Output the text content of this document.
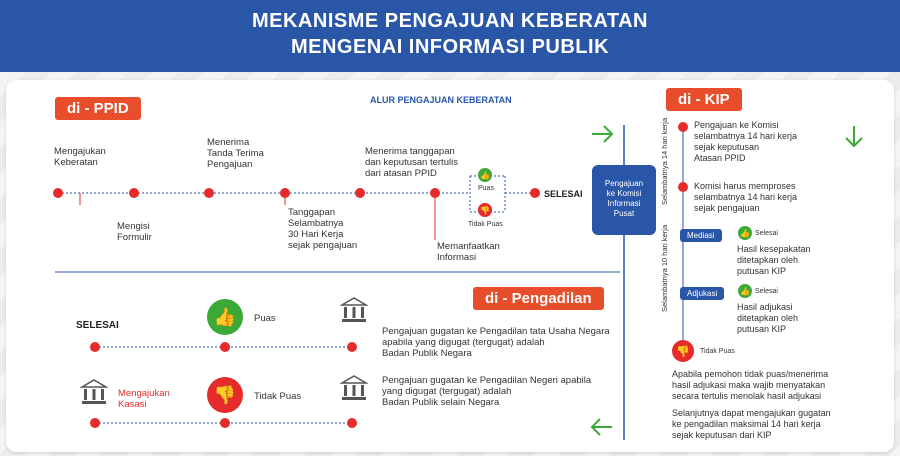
MEKANISME PENGAJUAN KEBERATAN
MENGENAI INFORMASI PUBLIK
di - PPID
di - KIP
di - Pengadilan
ALUR PENGAJUAN KEBERATAN
Mengajukan
Keberatan
Mengisi
Formulir
Menerima
Tanda Terima
Pengajuan
Tanggapan
Selambatnya
30 Hari Kerja
sejak pengajuan
Menerima tanggapan
dan keputusan tertulis
dari atasan PPID
Memanfaatkan
Informasi
👍
Puas
👎
Tidak Puas
SELESAI
Pengajuan
ke Komisi
Informasi
Pusat
Selambatnya 14 hari kerja
Selambatnya 10 hari kerja
Pengajuan ke Komisi
selambatnya 14 hari kerja
sejak keputusan
Atasan PPID
Komisi harus memproses
selambatnya 14 hari kerja
sejak pengajuan
Mediasi	👍 Selesai
Hasil kesepakatan
ditetapkan oleh
putusan KIP
Adjukasi	👍 Selesai
Hasil adjukasi
ditetapkan oleh
putusan KIP
👎	Tidak Puas
Apabila pemohon tidak puas/menerima
hasil adjukasi maka wajib menyatakan
secara tertulis menolak hasil adjukasi
Selanjutnya dapat mengajukan gugatan
ke pengadilan maksimal 14 hari kerja
sejak keputusan dari KIP
SELESAI	👍	Puas
👎	Tidak Puas
Mengajukan
Kasasi
Pengajuan gugatan ke Pengadilan tata Usaha Negara
apabila yang digugat (tergugat) adalah
Badan Publik Negara
Pengajuan gugatan ke Pengadilan Negeri apabila
yang digugat (tergugat) adalah
Badan Publik selain Negara
